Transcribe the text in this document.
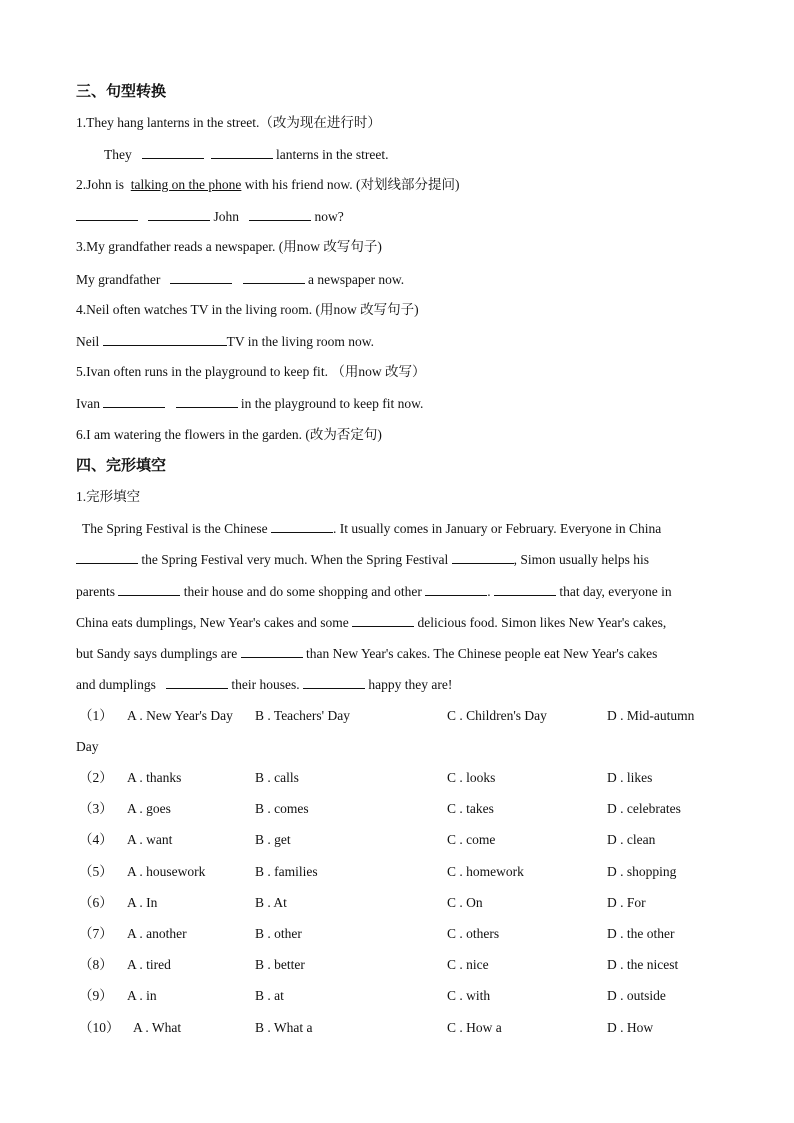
三、句型转换
1.They hang lanterns in the street.（改为现在进行时）
They	lanterns in the street.
2.John is talking on the phone with his friend now. (对划线部分提问)
John	now?
3.My grandfather reads a newspaper. (用now 改写句子)
My grandfather	a newspaper now.
4.Neil often watches TV in the living room. (用now 改写句子)
Neil	TV in the living room now.
5.Ivan often runs in the playground to keep fit. （用now 改写）
Ivan	in the playground to keep fit now.
6.I am watering the flowers in the garden. (改为否定句)
四、完形填空
1.完形填空
The Spring Festival is the Chinese	. It usually comes in January or February. Everyone in China
the Spring Festival very much. When the Spring Festival	, Simon usually helps his
parents	their house and do some shopping and other	.	that day, everyone in
China eats dumplings, New Year's cakes and some	delicious food. Simon likes New Year's cakes,
but Sandy says dumplings are	than New Year's cakes. The Chinese people eat New Year's cakes
and dumplings	their houses.	happy they are!
（1） A . New Year's Day B . Teachers' Day	C . Children's Day	D . Mid-autumn
Day
（2） A . thanks	B . calls	C . looks	D . likes
（3） A . goes	B . comes	C . takes	D . celebrates
（4） A . want	B . get	C . come	D . clean
（5） A . housework	B . families	C . homework	D . shopping
（6） A . In	B . At	C . On	D . For
（7） A . another	B . other	C . others	D . the other
（8） A . tired	B . better	C . nice	D . the nicest
（9） A . in	B . at	C . with	D . outside
（10） A . What	B . What a	C . How a	D . How
